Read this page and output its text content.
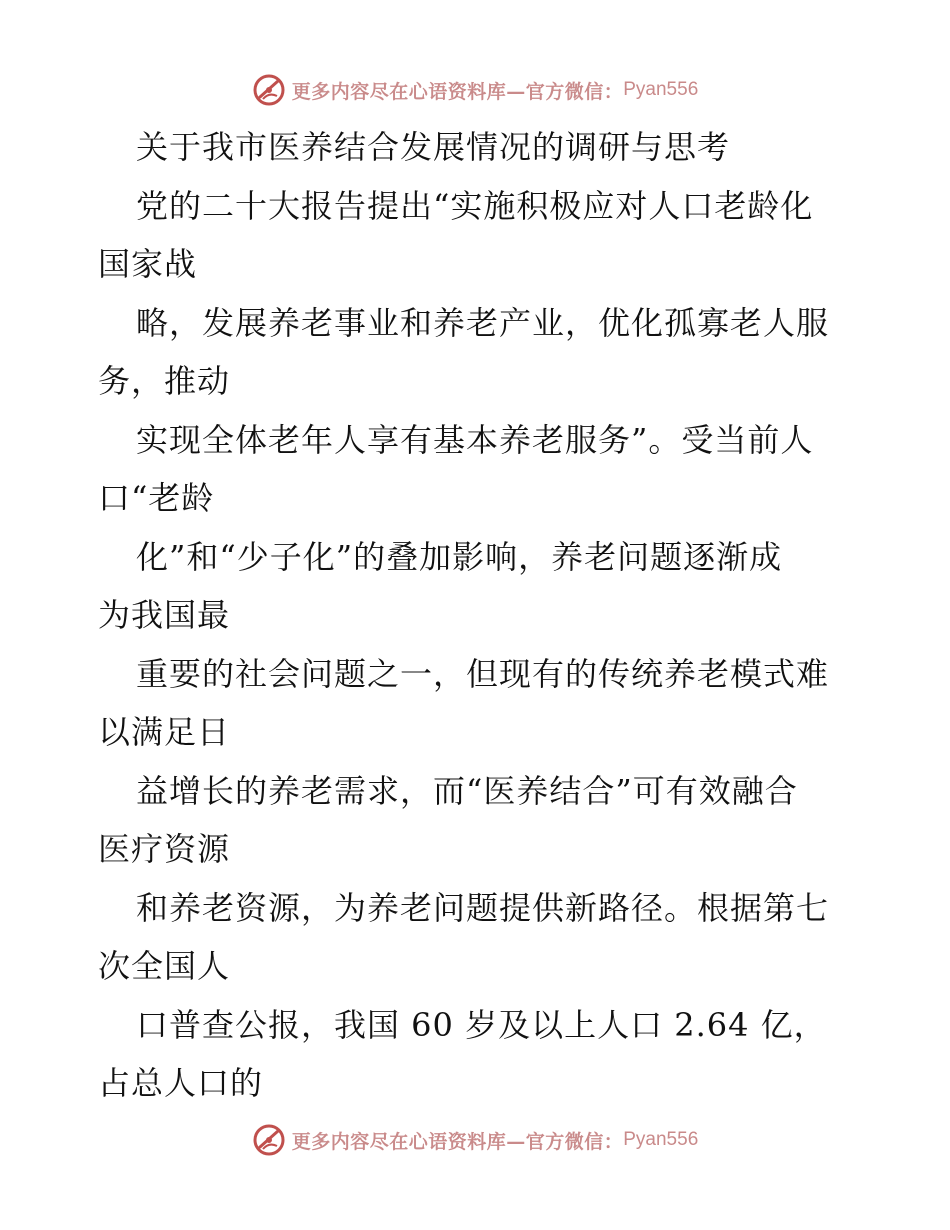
更多内容尽在心语资料库—官方微信： Pyan556
关于我市医养结合发展情况的调研与思考
党的二十大报告提出“实施积极应对人口老龄化
国家战
略，发展养老事业和养老产业，优化孤寡老人服
务，推动
实现全体老年人享有基本养老服务”。受当前人
口“老龄
化”和“少子化”的叠加影响，养老问题逐渐成
为我国最
重要的社会问题之一，但现有的传统养老模式难
以满足日
益增长的养老需求，而“医养结合”可有效融合
医疗资源
和养老资源，为养老问题提供新路径。根据第七
次全国人
口普查公报，我国 60 岁及以上人口 2.64 亿，
占总人口的
更多内容尽在心语资料库—官方微信： Pyan556
